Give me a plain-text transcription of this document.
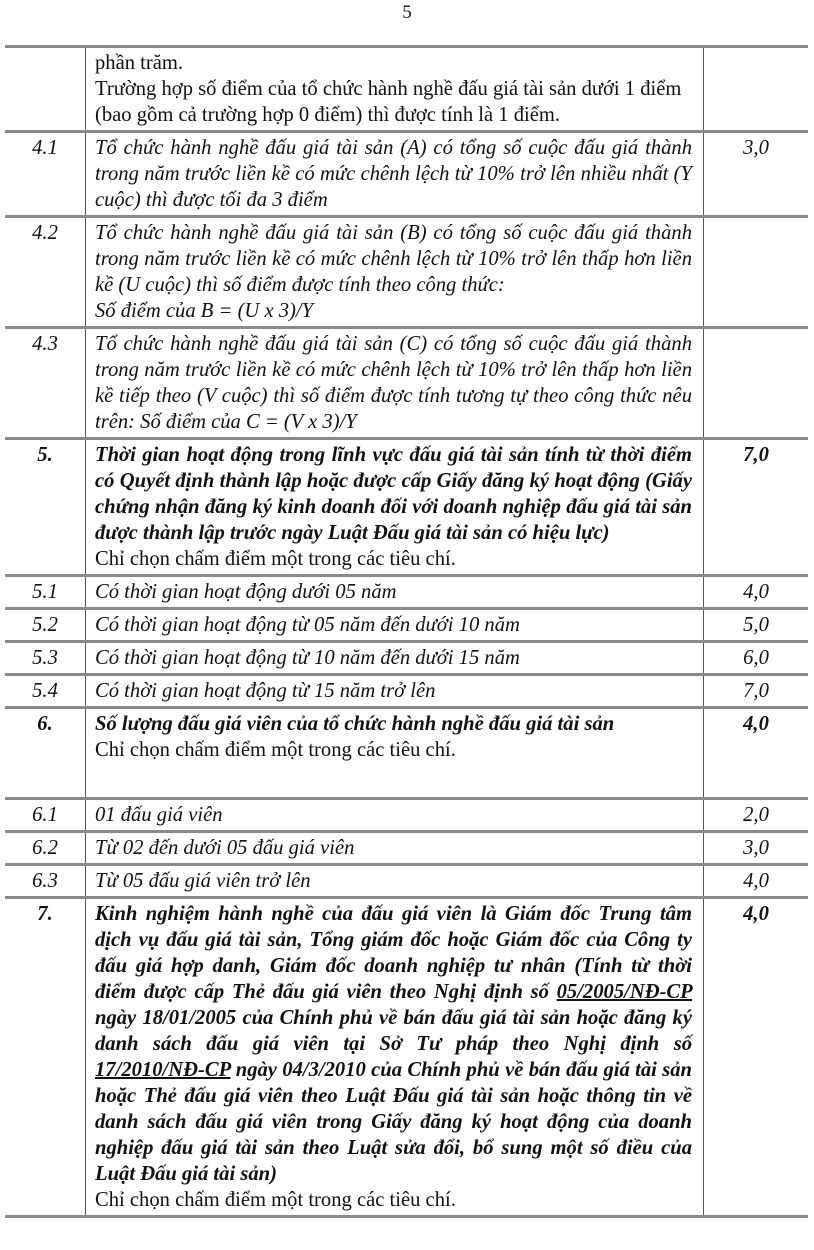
5

	phần trăm.

Trường hợp số điểm của tổ chức hành nghề đấu giá tài sản dưới 1 điểm (bao gồm cả trường hợp 0 điểm) thì được tính là 1 điểm.	

4.1	Tổ chức hành nghề đấu giá tài sản (A) có tổng số cuộc đấu giá thành trong năm trước liền kề có mức chênh lệch từ 10% trở lên nhiều nhất (Y cuộc) thì được tối đa 3 điểm	3,0
4.2	Tổ chức hành nghề đấu giá tài sản (B) có tổng số cuộc đấu giá thành trong năm trước liền kề có mức chênh lệch từ 10% trở lên thấp hơn liền kề (U cuộc) thì số điểm được tính theo công thức:

Số điểm của B = (U x 3)/Y	

4.3	Tổ chức hành nghề đấu giá tài sản (C) có tổng số cuộc đấu giá thành trong năm trước liền kề có mức chênh lệch từ 10% trở lên thấp hơn liền kề tiếp theo (V cuộc) thì số điểm được tính tương tự theo công thức nêu trên: Số điểm của C = (V x 3)/Y	
5.	Thời gian hoạt động trong lĩnh vực đấu giá tài sản tính từ thời điểm có Quyết định thành lập hoặc được cấp Giấy đăng ký hoạt động (Giấy chứng nhận đăng ký kinh doanh đối với doanh nghiệp đấu giá tài sản được thành lập trước ngày Luật Đấu giá tài sản có hiệu lực)

Chỉ chọn chấm điểm một trong các tiêu chí.	7,0
5.1	Có thời gian hoạt động dưới 05 năm	4,0
5.2	Có thời gian hoạt động từ 05 năm đến dưới 10 năm	5,0
5.3	Có thời gian hoạt động từ 10 năm đến dưới 15 năm	6,0
5.4	Có thời gian hoạt động từ 15 năm trở lên	7,0
6.	Số lượng đấu giá viên của tổ chức hành nghề đấu giá tài sản

Chỉ chọn chấm điểm một trong các tiêu chí.	4,0
6.1	01 đấu giá viên	2,0
6.2	Từ 02 đến dưới 05 đấu giá viên	3,0
6.3	Từ 05 đấu giá viên trở lên	4,0
7.	Kinh nghiệm hành nghề của đấu giá viên là Giám đốc Trung tâm dịch vụ đấu giá tài sản, Tổng giám đốc hoặc Giám đốc của Công ty đấu giá hợp danh, Giám đốc doanh nghiệp tư nhân (Tính từ thời điểm được cấp Thẻ đấu giá viên theo Nghị định số 05/2005/NĐ-CP ngày 18/01/2005 của Chính phủ về bán đấu giá tài sản hoặc đăng ký danh sách đấu giá viên tại Sở Tư pháp theo Nghị định số 17/2010/NĐ-CP ngày 04/3/2010 của Chính phủ về bán đấu giá tài sản hoặc Thẻ đấu giá viên theo Luật Đấu giá tài sản hoặc thông tin về danh sách đấu giá viên trong Giấy đăng ký hoạt động của doanh nghiệp đấu giá tài sản theo Luật sửa đổi, bổ sung một số điều của Luật Đấu giá tài sản)

Chỉ chọn chấm điểm một trong các tiêu chí.	4,0
